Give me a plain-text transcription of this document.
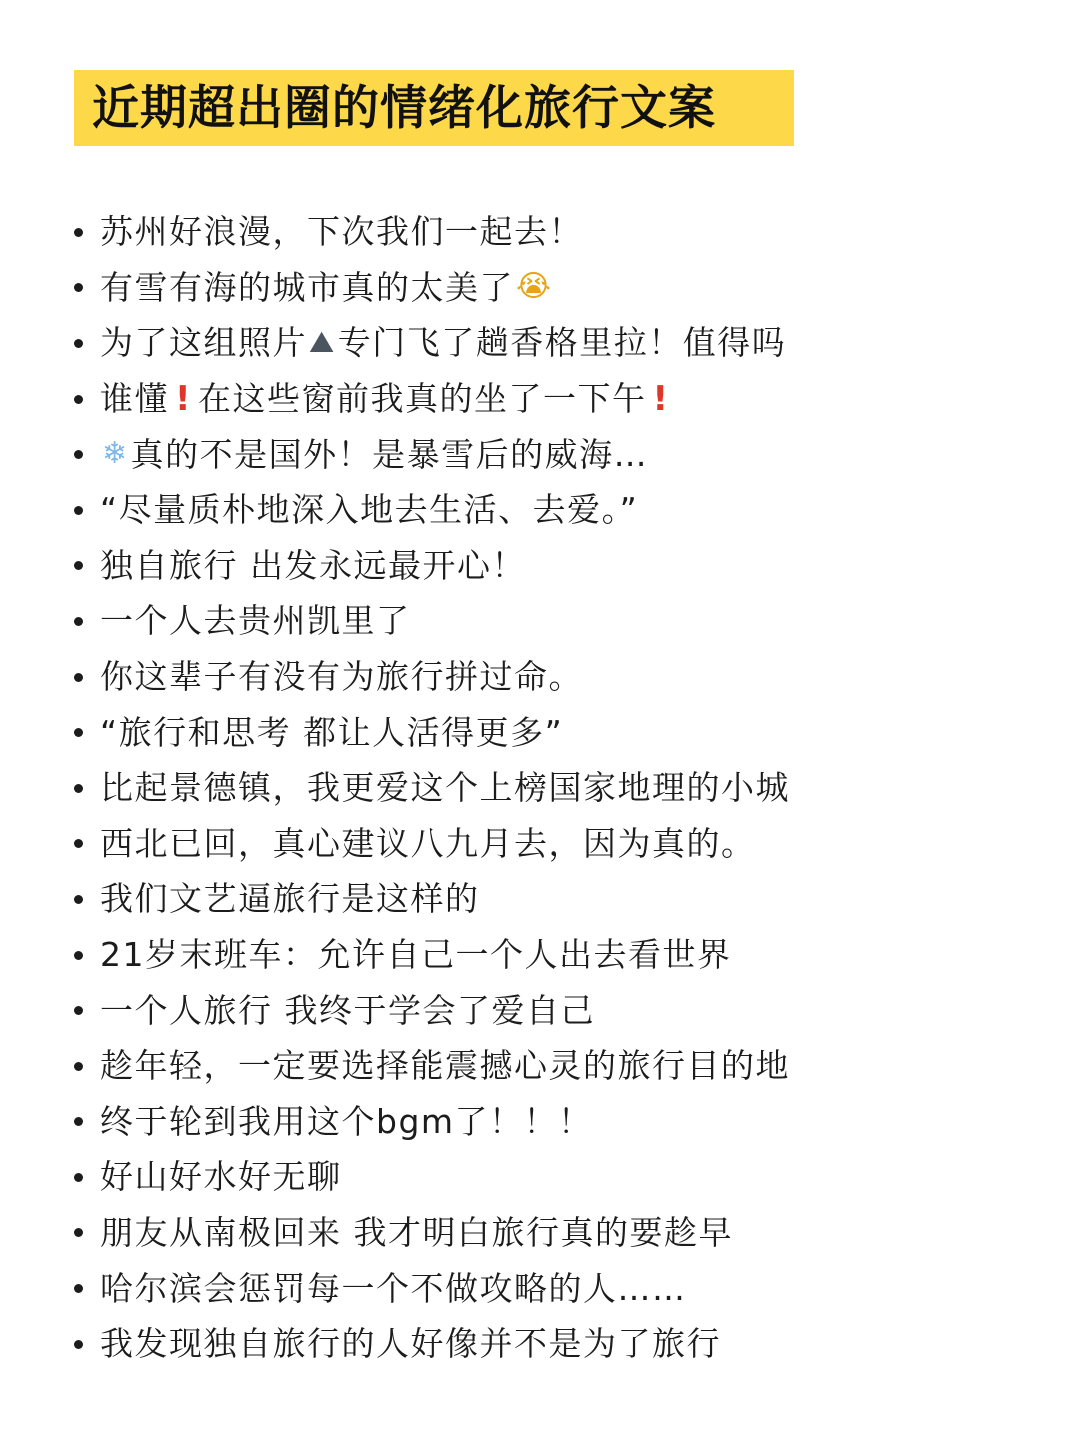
近期超出圈的情绪化旅行文案
苏州好浪漫，下次我们一起去！
有雪有海的城市真的太美了 😭
为了这组照片 ⛰ 专门飞了趟香格里拉！值得吗
谁懂 ! 在这些窗前我真的坐了一下午 !
❄ 真的不是国外！是暴雪后的威海…
“尽量质朴地深入地去生活、去爱。”
独自旅行 出发永远最开心！
一个人去贵州凯里了
你这辈子有没有为旅行拼过命。
“旅行和思考 都让人活得更多”
比起景德镇，我更爱这个上榜国家地理的小城
西北已回，真心建议八九月去，因为真的。
我们文艺逼旅行是这样的
21岁末班车：允许自己一个人出去看世界
一个人旅行 我终于学会了爱自己
趁年轻，一定要选择能震撼心灵的旅行目的地
终于轮到我用这个bgm了！！！
好山好水好无聊
朋友从南极回来 我才明白旅行真的要趁早
哈尔滨会惩罚每一个不做攻略的人……
我发现独自旅行的人好像并不是为了旅行
